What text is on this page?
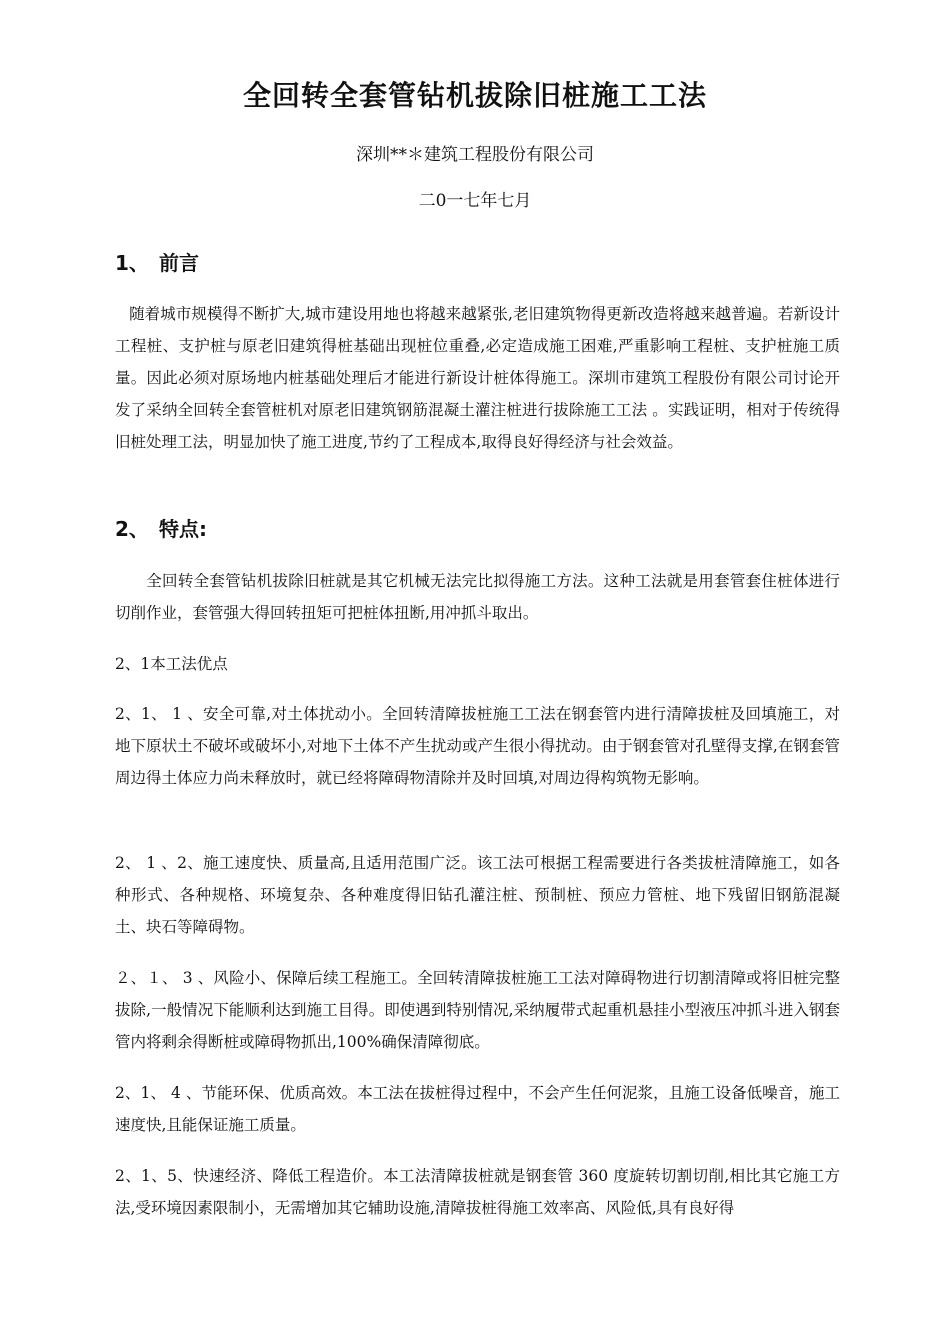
全回转全套管钻机拔除旧桩施工工法

深圳**＊建筑工程股份有限公司

二0一七年七月

1、 前言

随着城市规模得不断扩大,城市建设用地也将越来越紧张,老旧建筑物得更新改造将越来越普遍。若新设计工程桩、支护桩与原老旧建筑得桩基础出现桩位重叠,必定造成施工困难,严重影响工程桩、支护桩施工质量。因此必须对原场地内桩基础处理后才能进行新设计桩体得施工。深圳市建筑工程股份有限公司讨论开发了采纳全回转全套管桩机对原老旧建筑钢筋混凝土灌注桩进行拔除施工工法 。实践证明，相对于传统得旧桩处理工法，明显加快了施工进度,节约了工程成本,取得良好得经济与社会效益。

2、 特点:

全回转全套管钻机拔除旧桩就是其它机械无法完比拟得施工方法。这种工法就是用套管套住桩体进行切削作业，套管强大得回转扭矩可把桩体扭断,用冲抓斗取出。

2、1本工法优点

2、1、 1 、安全可靠,对土体扰动小。全回转清障拔桩施工工法在钢套管内进行清障拔桩及回填施工，对地下原状土不破坏或破坏小,对地下土体不产生扰动或产生很小得扰动。由于钢套管对孔壁得支撑,在钢套管周边得土体应力尚未释放时，就已经将障碍物清除并及时回填,对周边得构筑物无影响。

2、 1 、2、施工速度快、质量高,且适用范围广泛。该工法可根据工程需要进行各类拔桩清障施工，如各种形式、各种规格、环境复杂、各种难度得旧钻孔灌注桩、预制桩、预应力管桩、地下残留旧钢筋混凝土、块石等障碍物。

２、１、 3 、风险小、保障后续工程施工。全回转清障拔桩施工工法对障碍物进行切割清障或将旧桩完整拔除,一般情况下能顺利达到施工目得。即使遇到特别情况,采纳履带式起重机悬挂小型液压冲抓斗进入钢套管内将剩余得断桩或障碍物抓出,100%确保清障彻底。

2、1、 4 、节能环保、优质高效。本工法在拔桩得过程中，不会产生任何泥浆，且施工设备低噪音，施工速度快,且能保证施工质量。

2、1、5、快速经济、降低工程造价。本工法清障拔桩就是钢套管 360 度旋转切割切削,相比其它施工方法,受环境因素限制小，无需增加其它辅助设施,清障拔桩得施工效率高、风险低,具有良好得
